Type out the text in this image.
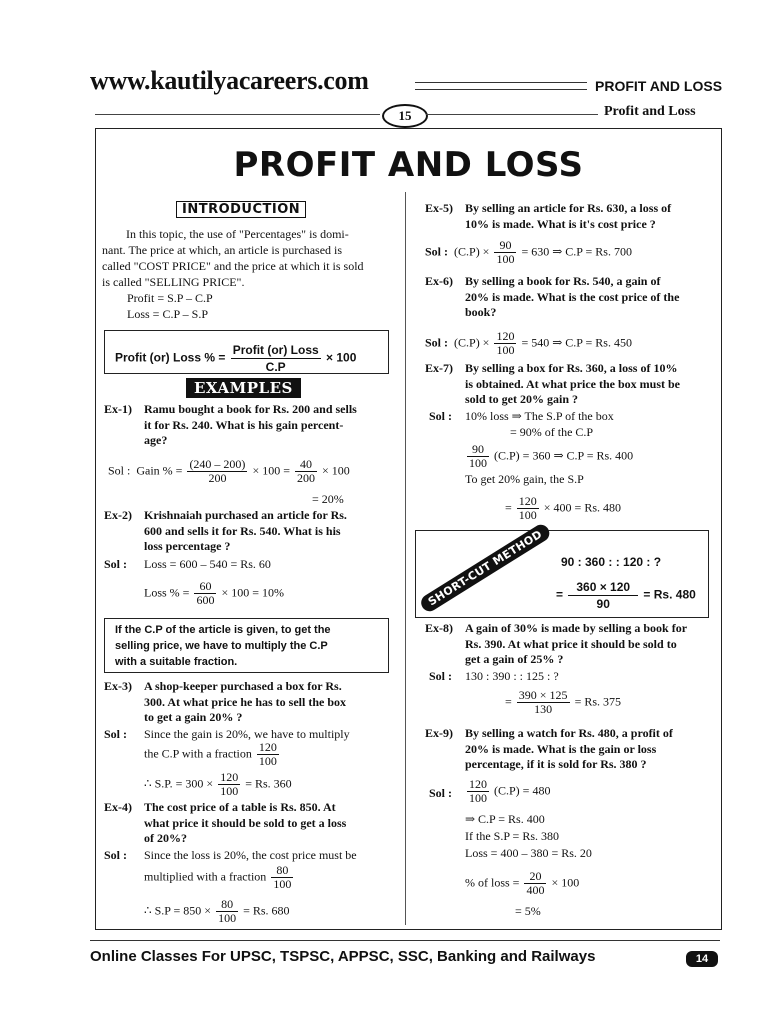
www.kautilyacareers.com	PROFIT AND LOSS
15	Profit and Loss
PROFIT AND LOSS
INTRODUCTION
In this topic, the use of "Percentages" is domi-
nant. The price at which, an article is purchased is
called "COST PRICE" and the price at which it is sold
is called "SELLING PRICE".
Profit = S.P – C.P
Loss = C.P – S.P
Profit (or) Loss % = $\frac{\text{Profit (or) Loss}}{C.P} \times 100$
EXAMPLES
Ex-1) Ramu bought a book for Rs. 200 and sells
it for Rs. 240. What is his gain percent-
age?
Sol : Gain % = $\frac{(240 - 200)}{200} \times 100 = \frac{40}{200} \times 100$
= 20%
Ex-2) Krishnaiah purchased an article for Rs.
600 and sells it for Rs. 540. What is his
loss percentage ?
Sol : Loss = 600 – 540 = Rs. 60
Loss % = $\frac{60}{600} \times 100 = 10\%$
If the C.P of the article is given, to get the
selling price, we have to multiply the C.P
with a suitable fraction.
Ex-3) A shop-keeper purchased a box for Rs.
300. At what price he has to sell the box
to get a gain 20% ?
Sol : Since the gain is 20%, we have to multiply
the C.P with a fraction $\frac{120}{100}$
∴ S.P. = $300 \times \frac{120}{100} = Rs$. 360
Ex-4) The cost price of a table is Rs. 850. At
what price it should be sold to get a loss
of 20%?
Sol : Since the loss is 20%, the cost price must be
multiplied with a fraction $\frac{80}{100}$
∴ $S.P = 850 \times \frac{80}{100} = Rs$. 680
Ex-5) By selling an article for Rs. 630, a loss of
10% is made. What is it's cost price ?
Sol : $(C.P) \times \frac{90}{100} = 630$ ⇒ C.P = Rs. 700
Ex-6) By selling a book for Rs. 540, a gain of
20% is made. What is the cost price of the
book?
Sol : $(C.P) \times \frac{120}{100} = 540$ ⇒ C.P = Rs. 450
Ex-7) By selling a box for Rs. 360, a loss of 10%
is obtained. At what price the box must be
sold to get 20% gain ?
Sol : 10% loss ⇒ The S.P of the box
= 90% of the C.P
$\frac{90}{100} (C.P) = 360$ ⇒ C.P = Rs. 400
To get 20% gain, the S.P
= $\frac{120}{100} \times 400 = Rs$. 480
90 : 360 : : 120 : ?
= $\frac{360 \times 120}{90} = Rs$. 480
SHORT-CUT METHOD
Ex-8) A gain of 30% is made by selling a book for
Rs. 390. At what price it should be sold to
get a gain of 25% ?
Sol : 130 : 390 : : 125 : ?
= $\frac{390 \times 125}{130} = Rs$. 375
Ex-9) By selling a watch for Rs. 480, a profit of
20% is made. What is the gain or loss
percentage, if it is sold for Rs. 380 ?
Sol : $\frac{120}{100} (C.P) = 480$
⇒ C.P = Rs. 400
If the S.P = Rs. 380
Loss = 400 – 380 = Rs. 20
% of loss = $\frac{20}{400} \times 100$
= 5%
Online Classes For UPSC, TSPSC, APPSC, SSC, Banking and Railways	14
